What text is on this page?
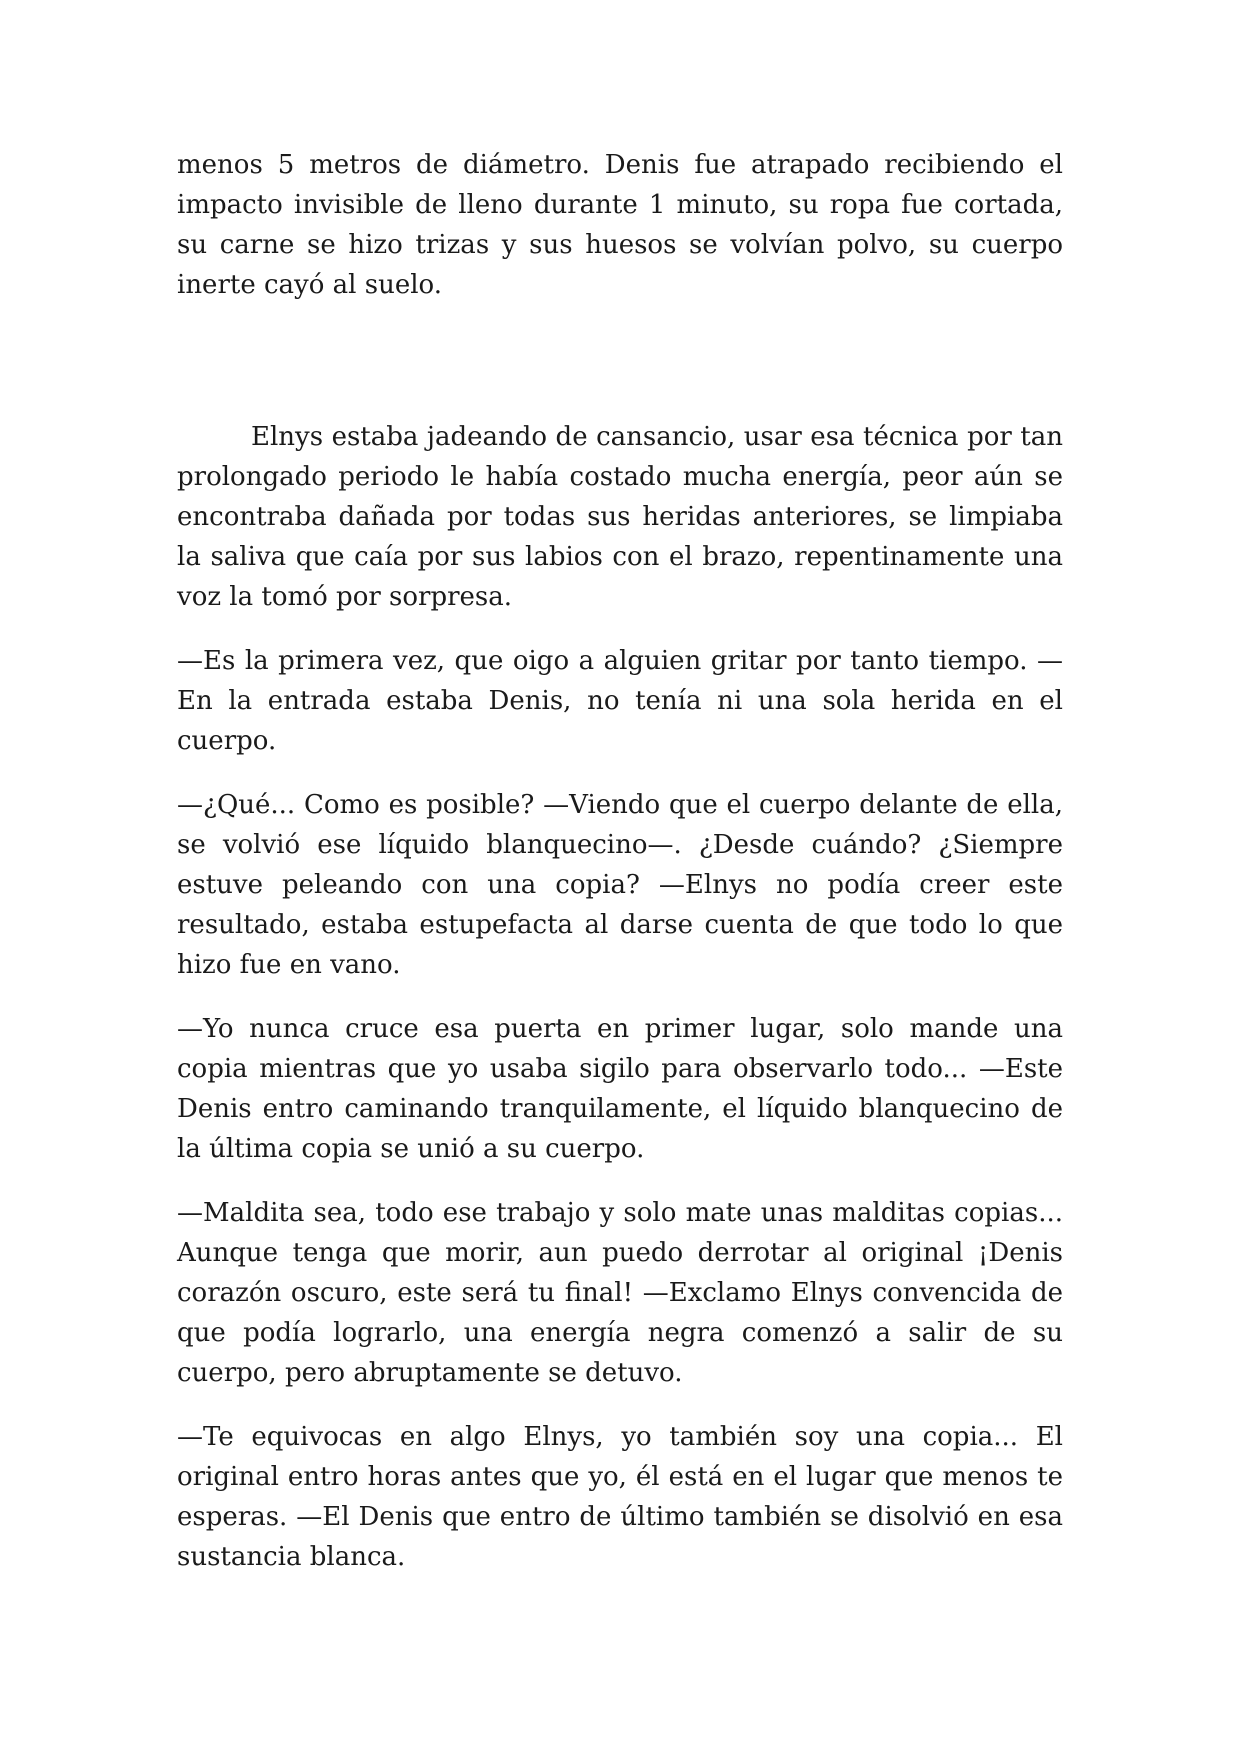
menos 5 metros de diámetro. Denis fue atrapado recibiendo el impacto invisible de lleno durante 1 minuto, su ropa fue cortada, su carne se hizo trizas y sus huesos se volvían polvo, su cuerpo inerte cayó al suelo.

Elnys estaba jadeando de cansancio, usar esa técnica por tan prolongado periodo le había costado mucha energía, peor aún se encontraba dañada por todas sus heridas anteriores, se limpiaba la saliva que caía por sus labios con el brazo, repentinamente una voz la tomó por sorpresa.

—Es la primera vez, que oigo a alguien gritar por tanto tiempo. —En la entrada estaba Denis, no tenía ni una sola herida en el cuerpo.

—¿Qué... Como es posible? —Viendo que el cuerpo delante de ella, se volvió ese líquido blanquecino—. ¿Desde cuándo? ¿Siempre estuve peleando con una copia? —Elnys no podía creer este resultado, estaba estupefacta al darse cuenta de que todo lo que hizo fue en vano.

—Yo nunca cruce esa puerta en primer lugar, solo mande una copia mientras que yo usaba sigilo para observarlo todo... —Este Denis entro caminando tranquilamente, el líquido blanquecino de la última copia se unió a su cuerpo.

—Maldita sea, todo ese trabajo y solo mate unas malditas copias... Aunque tenga que morir, aun puedo derrotar al original ¡Denis corazón oscuro, este será tu final! —Exclamo Elnys convencida de que podía lograrlo, una energía negra comenzó a salir de su cuerpo, pero abruptamente se detuvo.

—Te equivocas en algo Elnys, yo también soy una copia... El original entro horas antes que yo, él está en el lugar que menos te esperas. —El Denis que entro de último también se disolvió en esa sustancia blanca.
